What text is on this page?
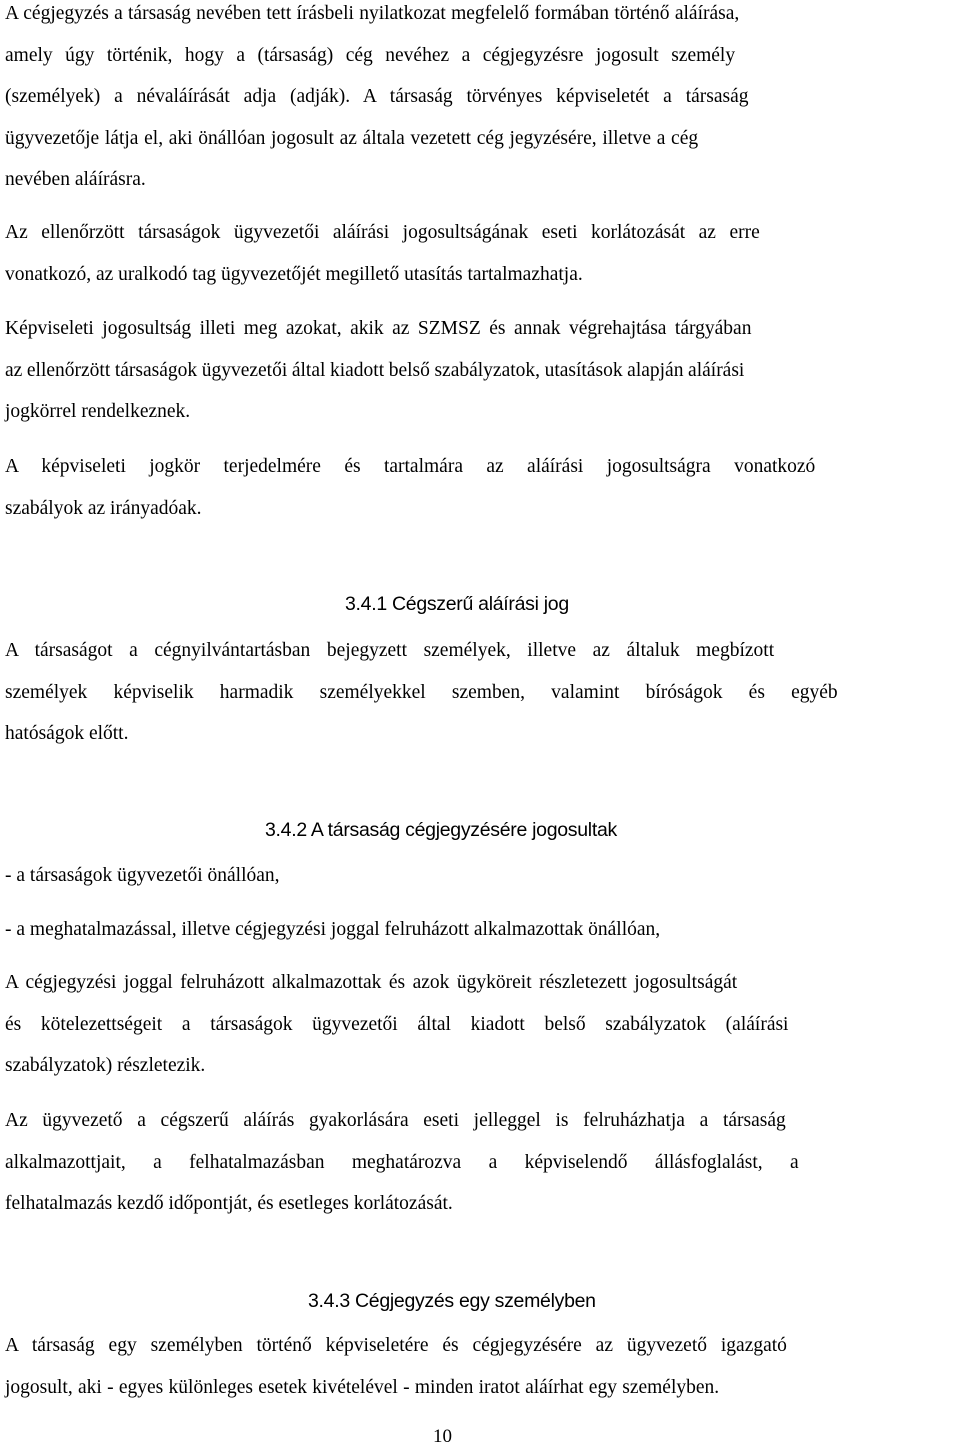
A cégjegyzés a társaság nevében tett írásbeli nyilatkozat megfelelő formában történő aláírása,
amely úgy történik, hogy a (társaság) cég nevéhez a cégjegyzésre jogosult személy
(személyek) a névaláírását adja (adják). A társaság törvényes képviseletét a társaság
ügyvezetője látja el, aki önállóan jogosult az általa vezetett cég jegyzésére, illetve a cég
nevében aláírásra.
Az ellenőrzött társaságok ügyvezetői aláírási jogosultságának eseti korlátozását az erre
vonatkozó, az uralkodó tag ügyvezetőjét megillető utasítás tartalmazhatja.
Képviseleti jogosultság illeti meg azokat, akik az SZMSZ és annak végrehajtása tárgyában
az ellenőrzött társaságok ügyvezetői által kiadott belső szabályzatok, utasítások alapján aláírási
jogkörrel rendelkeznek.
A képviseleti jogkör terjedelmére és tartalmára az aláírási jogosultságra vonatkozó
szabályok az irányadóak.
3.4.1 Cégszerű aláírási jog
A társaságot a cégnyilvántartásban bejegyzett személyek, illetve az általuk megbízott
személyek képviselik harmadik személyekkel szemben, valamint bíróságok és egyéb
hatóságok előtt.
3.4.2 A társaság cégjegyzésére jogosultak
- a társaságok ügyvezetői önállóan,
- a meghatalmazással, illetve cégjegyzési joggal felruházott alkalmazottak önállóan,
A cégjegyzési joggal felruházott alkalmazottak és azok ügyköreit részletezett jogosultságát
és kötelezettségeit a társaságok ügyvezetői által kiadott belső szabályzatok (aláírási
szabályzatok) részletezik.
Az ügyvezető a cégszerű aláírás gyakorlására eseti jelleggel is felruházhatja a társaság
alkalmazottjait, a felhatalmazásban meghatározva a képviselendő állásfoglalást, a
felhatalmazás kezdő időpontját, és esetleges korlátozását.
3.4.3 Cégjegyzés egy személyben
A társaság egy személyben történő képviseletére és cégjegyzésére az ügyvezető igazgató
jogosult, aki - egyes különleges esetek kivételével - minden iratot aláírhat egy személyben.
10
